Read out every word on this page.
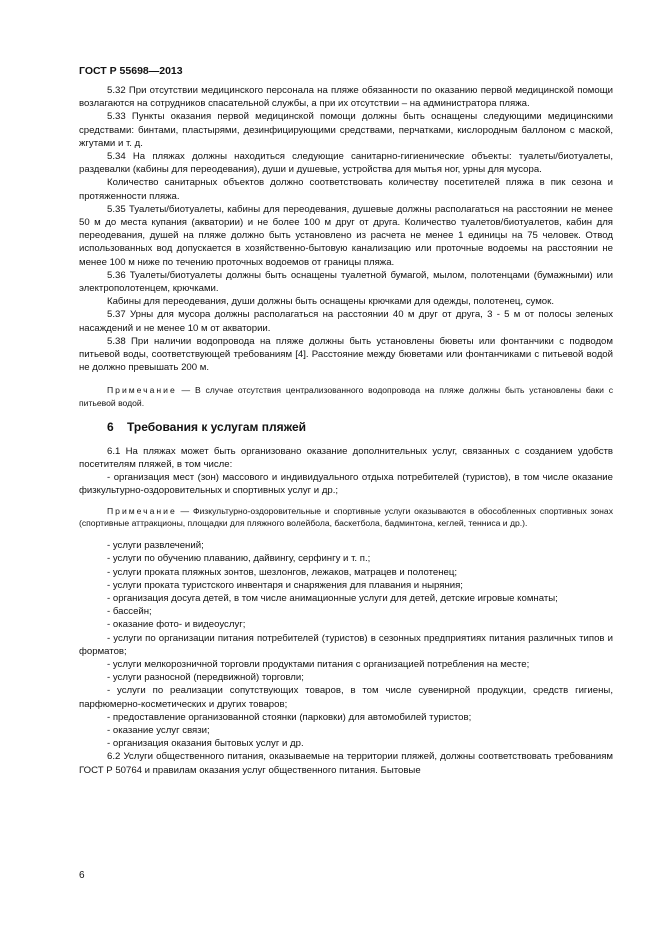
ГОСТ Р 55698—2013

5.32 При отсутствии медицинского персонала на пляже обязанности по оказанию первой медицинской помощи возлагаются на сотрудников спасательной службы, а при их отсутствии – на администратора пляжа.

5.33 Пункты оказания первой медицинской помощи должны быть оснащены следующими медицинскими средствами: бинтами, пластырями, дезинфицирующими средствами, перчатками, кислородным баллоном с маской, жгутами и т. д.

5.34 На пляжах должны находиться следующие санитарно-гигиенические объекты: туалеты/биотуалеты, раздевалки (кабины для переодевания), души и душевые, устройства для мытья ног, урны для мусора.

Количество санитарных объектов должно соответствовать количеству посетителей пляжа в пик сезона и протяженности пляжа.

5.35 Туалеты/биотуалеты, кабины для переодевания, душевые должны располагаться на расстоянии не менее 50 м до места купания (акватории) и не более 100 м друг от друга. Количество туалетов/биотуалетов, кабин для переодевания, душей на пляже должно быть установлено из расчета не менее 1 единицы на 75 человек. Отвод использованных вод допускается в хозяйственно-бытовую канализацию или проточные водоемы на расстоянии не менее 100 м ниже по течению проточных водоемов от границы пляжа.

5.36 Туалеты/биотуалеты должны быть оснащены туалетной бумагой, мылом, полотенцами (бумажными) или электрополотенцем, крючками.

Кабины для переодевания, души должны быть оснащены крючками для одежды, полотенец, сумок.

5.37 Урны для мусора должны располагаться на расстоянии 40 м друг от друга, 3 - 5 м от полосы зеленых насаждений и не менее 10 м от акватории.

5.38 При наличии водопровода на пляже должны быть установлены бюветы или фонтанчики с подводом питьевой воды, соответствующей требованиям [4]. Расстояние между бюветами или фонтанчиками с питьевой водой не должно превышать 200 м.

Примечание — В случае отсутствия централизованного водопровода на пляже должны быть установлены баки с питьевой водой.

6 Требования к услугам пляжей

6.1 На пляжах может быть организовано оказание дополнительных услуг, связанных с созданием удобств посетителям пляжей, в том числе:

- организация мест (зон) массового и индивидуального отдыха потребителей (туристов), в том числе оказание физкультурно-оздоровительных и спортивных услуг и др.;

Примечание — Физкультурно-оздоровительные и спортивные услуги оказываются в обособленных спортивных зонах (спортивные аттракционы, площадки для пляжного волейбола, баскетбола, бадминтона, кеглей, тенниса и др.).

- услуги развлечений;

- услуги по обучению плаванию, дайвингу, серфингу и т. п.;

- услуги проката пляжных зонтов, шезлонгов, лежаков, матрацев и полотенец;

- услуги проката туристского инвентаря и снаряжения для плавания и ныряния;

- организация досуга детей, в том числе анимационные услуги для детей, детские игровые комнаты;

- бассейн;

- оказание фото- и видеоуслуг;

- услуги по организации питания потребителей (туристов) в сезонных предприятиях питания различных типов и форматов;

- услуги мелкорозничной торговли продуктами питания с организацией потребления на месте;

- услуги разносной (передвижной) торговли;

- услуги по реализации сопутствующих товаров, в том числе сувенирной продукции, средств гигиены, парфюмерно-косметических и других товаров;

- предоставление организованной стоянки (парковки) для автомобилей туристов;

- оказание услуг связи;

- организация оказания бытовых услуг и др.

6.2 Услуги общественного питания, оказываемые на территории пляжей, должны соответствовать требованиям ГОСТ Р 50764 и правилам оказания услуг общественного питания. Бытовые

6
